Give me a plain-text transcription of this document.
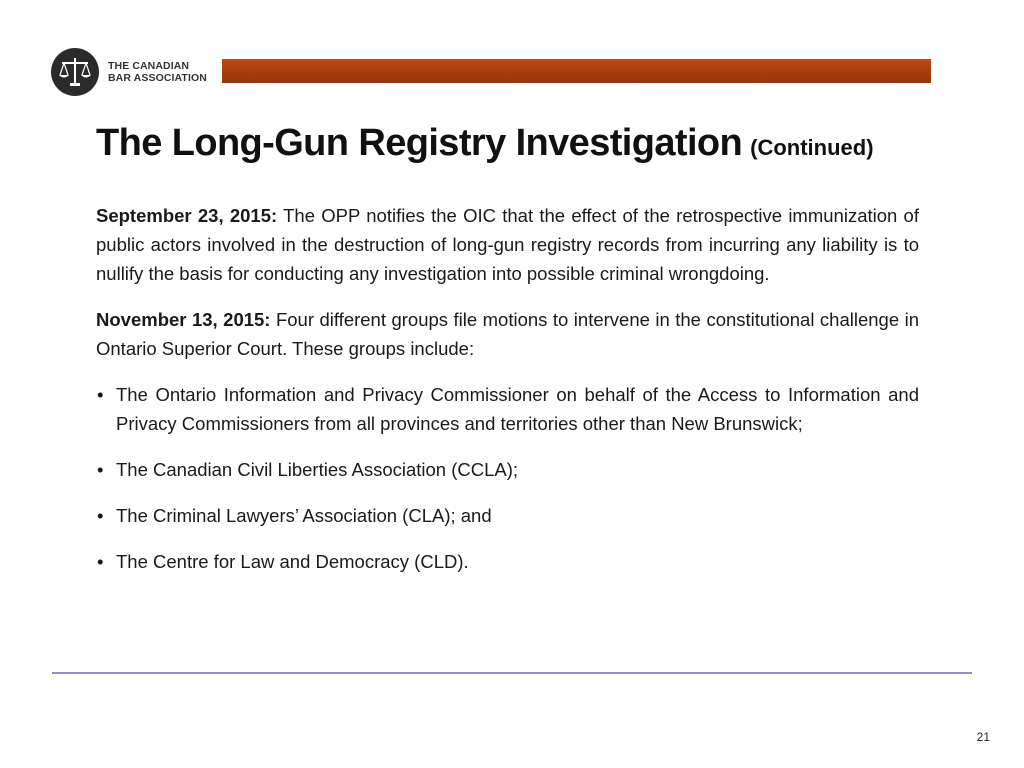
THE CANADIAN
BAR ASSOCIATION
The Long-Gun Registry Investigation (Continued)

September 23, 2015: The OPP notifies the OIC that the effect of the retrospective immunization of public actors involved in the destruction of long-gun registry records from incurring any liability is to nullify the basis for conducting any investigation into possible criminal wrongdoing.

November 13, 2015: Four different groups file motions to intervene in the constitutional challenge in Ontario Superior Court. These groups include:

• The Ontario Information and Privacy Commissioner on behalf of the Access to Information and Privacy Commissioners from all provinces and territories other than New Brunswick;
• The Canadian Civil Liberties Association (CCLA);
• The Criminal Lawyers’ Association (CLA); and
• The Centre for Law and Democracy (CLD).
21
